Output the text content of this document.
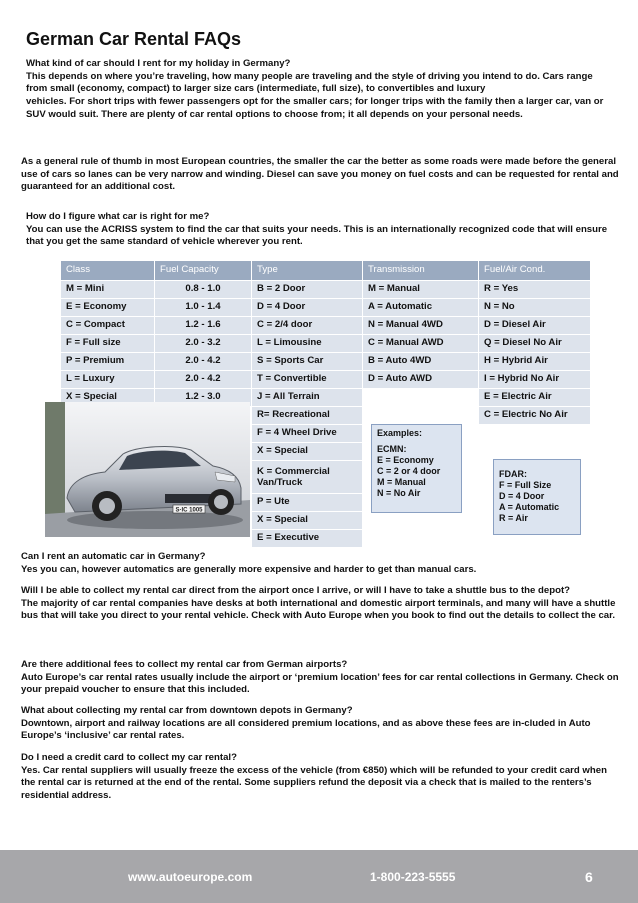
German Car Rental FAQs
What kind of car should I rent for my holiday in Germany?
This depends on where you’re traveling, how many people are traveling and the style of driving you intend to do. Cars range from small (economy, compact) to larger size cars (intermediate, full size), to convertibles and luxury
vehicles. For short trips with fewer passengers opt for the smaller cars; for longer trips with the family then a larger car, van or SUV would suit. There are plenty of car rental options to choose from; it all depends on your personal needs.
As a general rule of thumb in most European countries, the smaller the car the better as some roads were made before the general use of cars so lanes can be very narrow and winding. Diesel can save you money on fuel costs and can be requested for rental and guaranteed for an additional cost.
How do I figure what car is right for me?
You can use the ACRISS system to find the car that suits your needs. This is an internationally recognized code that will ensure that you get the same standard of vehicle wherever you rent.
Class	Fuel Capacity	Type	Transmission	Fuel/Air Cond.
M = Mini	0.8 - 1.0	B = 2 Door	M = Manual	R = Yes
E = Economy	1.0 - 1.4	D = 4 Door	A = Automatic	N = No
C = Compact	1.2 - 1.6	C = 2/4 door	N = Manual 4WD	D = Diesel Air
F = Full size	2.0 - 3.2	L = Limousine	C = Manual AWD	Q = Diesel No Air
P = Premium	2.0 - 4.2	S = Sports Car	B = Auto 4WD	H = Hybrid Air
L = Luxury	2.0 - 4.2	T = Convertible	D = Auto AWD	I = Hybrid No Air
X = Special	1.2 - 3.0	J = All Terrain		E = Electric Air
		R= Recreational		C = Electric No Air
		F = 4 Wheel Drive		
		X = Special		
		K = Commercial Van/Truck		
		P = Ute		
		X = Special		
		E = Executive		
S·IC 1005
Examples:
ECMN:
E = Economy
C = 2 or 4 door
M = Manual
N = No Air
FDAR:
F = Full Size
D = 4 Door
A = Automatic
R = Air
Can I rent an automatic car in Germany?
Yes you can, however automatics are generally more expensive and harder to get than manual cars.
Will I be able to collect my rental car direct from the airport once I arrive, or will I have to take a shuttle bus to the depot?
The majority of car rental companies have desks at both international and domestic airport terminals, and many will have a shuttle bus that will take you direct to your rental vehicle. Check with Auto Europe when you book to find out the details to collect the car.
Are there additional fees to collect my rental car from German airports?
Auto Europe’s car rental rates usually include the airport or ‘premium location’ fees for car rental collections in Germany. Check on your prepaid voucher to ensure that this included.
What about collecting my rental car from downtown depots in Germany?
Downtown, airport and railway locations are all considered premium locations, and as above these fees are in-cluded in Auto Europe’s ‘inclusive’ car rental rates.
Do I need a credit card to collect my car rental?
Yes. Car rental suppliers will usually freeze the excess of the vehicle (from €850) which will be refunded to your credit card when the rental car is returned at the end of the rental. Some suppliers refund the deposit via a check that is mailed to the renters’s residential address.
www.autoeurope.com	1-800-223-5555	6
